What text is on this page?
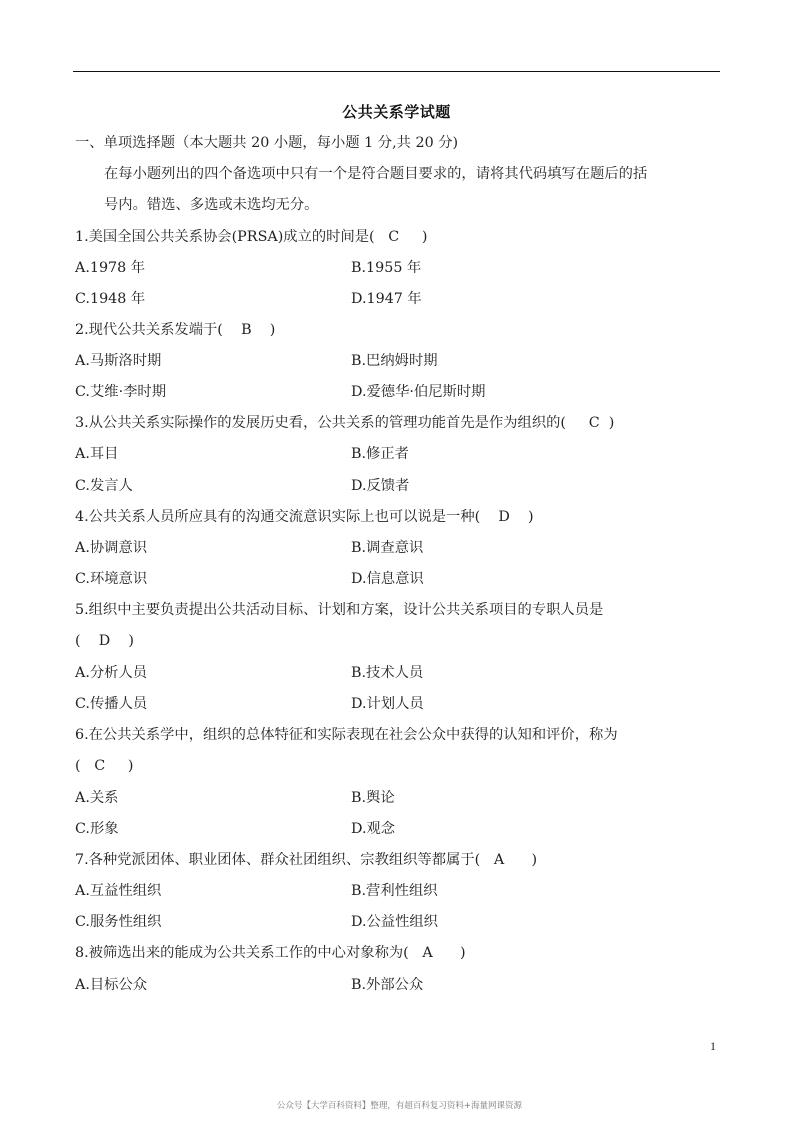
公共关系学试题
一、单项选择题（本大题共 20 小题，每小题 1 分,共 20 分)
在每小题列出的四个备选项中只有一个是符合题目要求的，请将其代码填写在题后的括
号内。错选、多选或未选均无分。
1.美国全国公共关系协会(PRSA)成立的时间是(   C     )
A.1978 年	B.1955 年
C.1948 年	D.1947 年
2.现代公共关系发端于(    B    )
A.马斯洛时期	B.巴纳姆时期
C.艾维·李时期	D.爱德华·伯尼斯时期
3.从公共关系实际操作的发展历史看，公共关系的管理功能首先是作为组织的(     C  )
A.耳目	B.修正者
C.发言人	D.反馈者
4.公共关系人员所应具有的沟通交流意识实际上也可以说是一种(    D    )
A.协调意识	B.调查意识
C.环境意识	D.信息意识
5.组织中主要负责提出公共活动目标、计划和方案，设计公共关系项目的专职人员是
(    D    )
A.分析人员	B.技术人员
C.传播人员	D.计划人员
6.在公共关系学中，组织的总体特征和实际表现在社会公众中获得的认知和评价，称为
(   C     )
A.关系	B.舆论
C.形象	D.观念
7.各种党派团体、职业团体、群众社团组织、宗教组织等都属于(   A      )
A.互益性组织	B.营利性组织
C.服务性组织	D.公益性组织
8.被筛选出来的能成为公共关系工作的中心对象称为(   A      )
A.目标公众	B.外部公众
1
公众号【大学百科资料】整理，有超百科复习资料+海量网课资源
